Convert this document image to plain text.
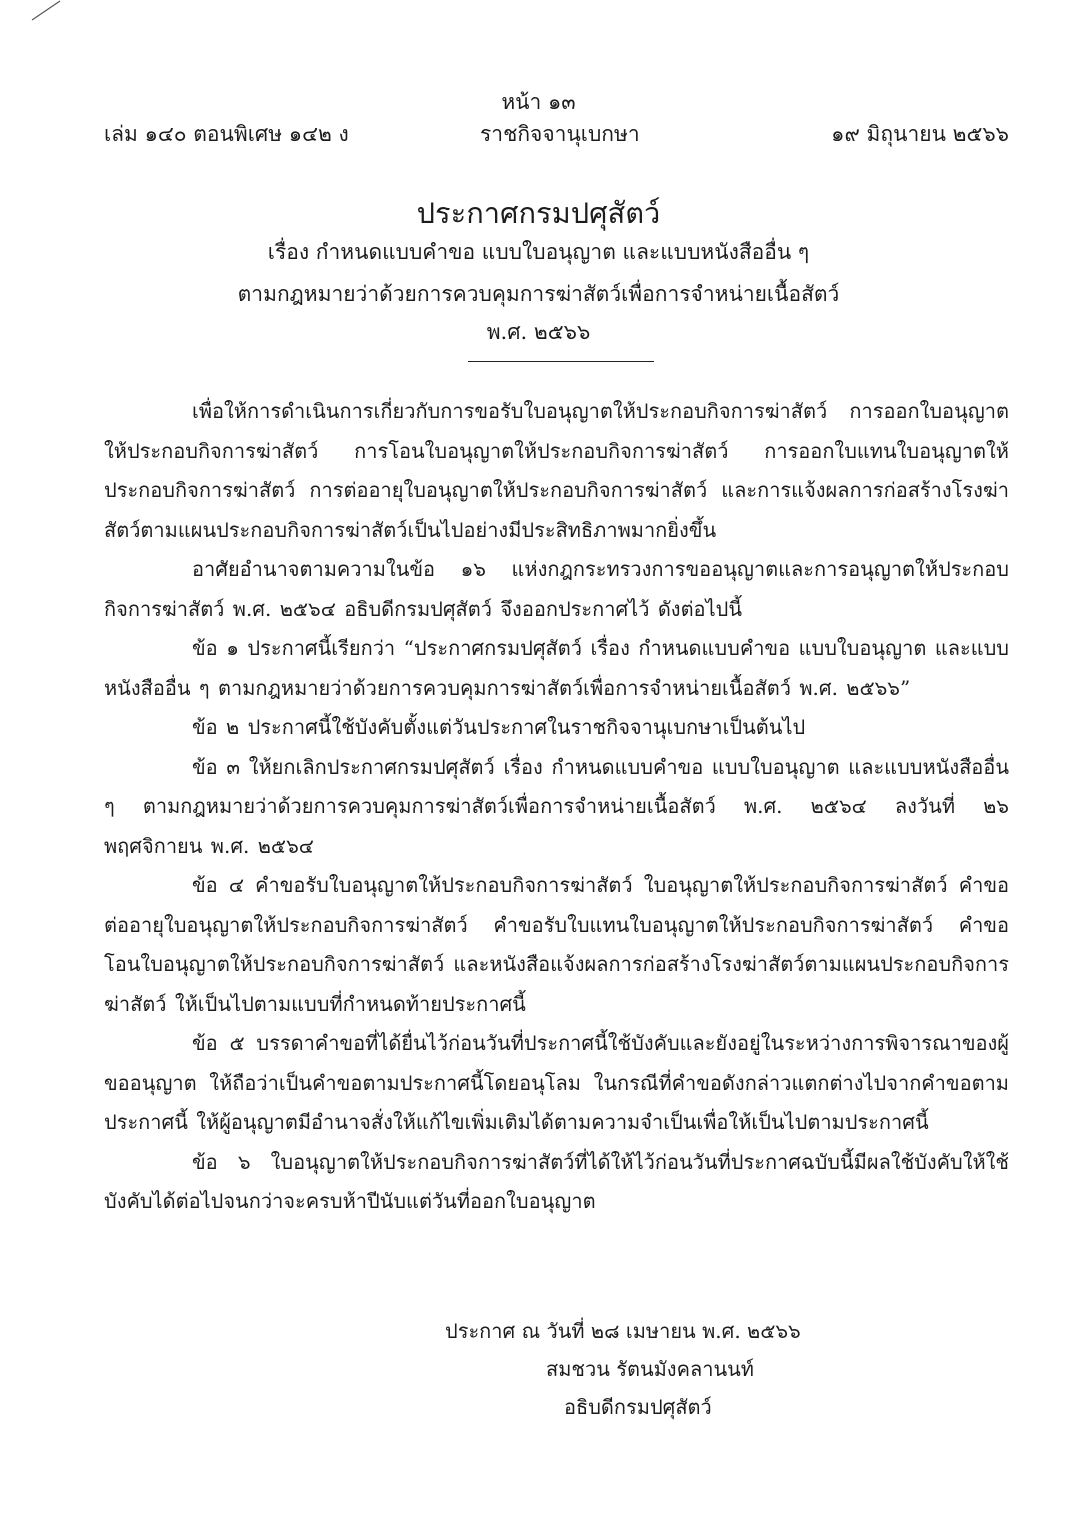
หน้า ๑๓
เล่ม ๑๔๐ ตอนพิเศษ ๑๔๒ ง	ราชกิจจานุเบกษา	๑๙ มิถุนายน ๒๕๖๖
ประกาศกรมปศุสัตว์
เรื่อง กำหนดแบบคำขอ แบบใบอนุญาต และแบบหนังสืออื่น ๆ
ตามกฎหมายว่าด้วยการควบคุมการฆ่าสัตว์เพื่อการจำหน่ายเนื้อสัตว์
พ.ศ. ๒๕๖๖

เพื่อให้การดำเนินการเกี่ยวกับการขอรับใบอนุญาตให้ประกอบกิจการฆ่าสัตว์ การออกใบอนุญาตให้ประกอบกิจการฆ่าสัตว์ การโอนใบอนุญาตให้ประกอบกิจการฆ่าสัตว์ การออกใบแทนใบอนุญาตให้ประกอบกิจการฆ่าสัตว์ การต่ออายุใบอนุญาตให้ประกอบกิจการฆ่าสัตว์ และการแจ้งผลการก่อสร้างโรงฆ่าสัตว์ตามแผนประกอบกิจการฆ่าสัตว์เป็นไปอย่างมีประสิทธิภาพมากยิ่งขึ้น

อาศัยอำนาจตามความในข้อ ๑๖ แห่งกฎกระทรวงการขออนุญาตและการอนุญาตให้ประกอบกิจการฆ่าสัตว์ พ.ศ. ๒๕๖๔ อธิบดีกรมปศุสัตว์ จึงออกประกาศไว้ ดังต่อไปนี้

ข้อ ๑ ประกาศนี้เรียกว่า “ประกาศกรมปศุสัตว์ เรื่อง กำหนดแบบคำขอ แบบใบอนุญาต และแบบหนังสืออื่น ๆ ตามกฎหมายว่าด้วยการควบคุมการฆ่าสัตว์เพื่อการจำหน่ายเนื้อสัตว์ พ.ศ. ๒๕๖๖”

ข้อ ๒ ประกาศนี้ใช้บังคับตั้งแต่วันประกาศในราชกิจจานุเบกษาเป็นต้นไป

ข้อ ๓ ให้ยกเลิกประกาศกรมปศุสัตว์ เรื่อง กำหนดแบบคำขอ แบบใบอนุญาต และแบบหนังสืออื่น ๆ ตามกฎหมายว่าด้วยการควบคุมการฆ่าสัตว์เพื่อการจำหน่ายเนื้อสัตว์ พ.ศ. ๒๕๖๔ ลงวันที่ ๒๖ พฤศจิกายน พ.ศ. ๒๕๖๔

ข้อ ๔ คำขอรับใบอนุญาตให้ประกอบกิจการฆ่าสัตว์ ใบอนุญาตให้ประกอบกิจการฆ่าสัตว์ คำขอต่ออายุใบอนุญาตให้ประกอบกิจการฆ่าสัตว์ คำขอรับใบแทนใบอนุญาตให้ประกอบกิจการฆ่าสัตว์ คำขอโอนใบอนุญาตให้ประกอบกิจการฆ่าสัตว์ และหนังสือแจ้งผลการก่อสร้างโรงฆ่าสัตว์ตามแผนประกอบกิจการฆ่าสัตว์ ให้เป็นไปตามแบบที่กำหนดท้ายประกาศนี้

ข้อ ๕ บรรดาคำขอที่ได้ยื่นไว้ก่อนวันที่ประกาศนี้ใช้บังคับและยังอยู่ในระหว่างการพิจารณาของผู้ขออนุญาต ให้ถือว่าเป็นคำขอตามประกาศนี้โดยอนุโลม ในกรณีที่คำขอดังกล่าวแตกต่างไปจากคำขอตามประกาศนี้ ให้ผู้อนุญาตมีอำนาจสั่งให้แก้ไขเพิ่มเติมได้ตามความจำเป็นเพื่อให้เป็นไปตามประกาศนี้

ข้อ ๖ ใบอนุญาตให้ประกอบกิจการฆ่าสัตว์ที่ได้ให้ไว้ก่อนวันที่ประกาศฉบับนี้มีผลใช้บังคับให้ใช้บังคับได้ต่อไปจนกว่าจะครบห้าปีนับแต่วันที่ออกใบอนุญาต

ประกาศ ณ วันที่ ๒๘ เมษายน พ.ศ. ๒๕๖๖
สมชวน รัตนมังคลานนท์
อธิบดีกรมปศุสัตว์
